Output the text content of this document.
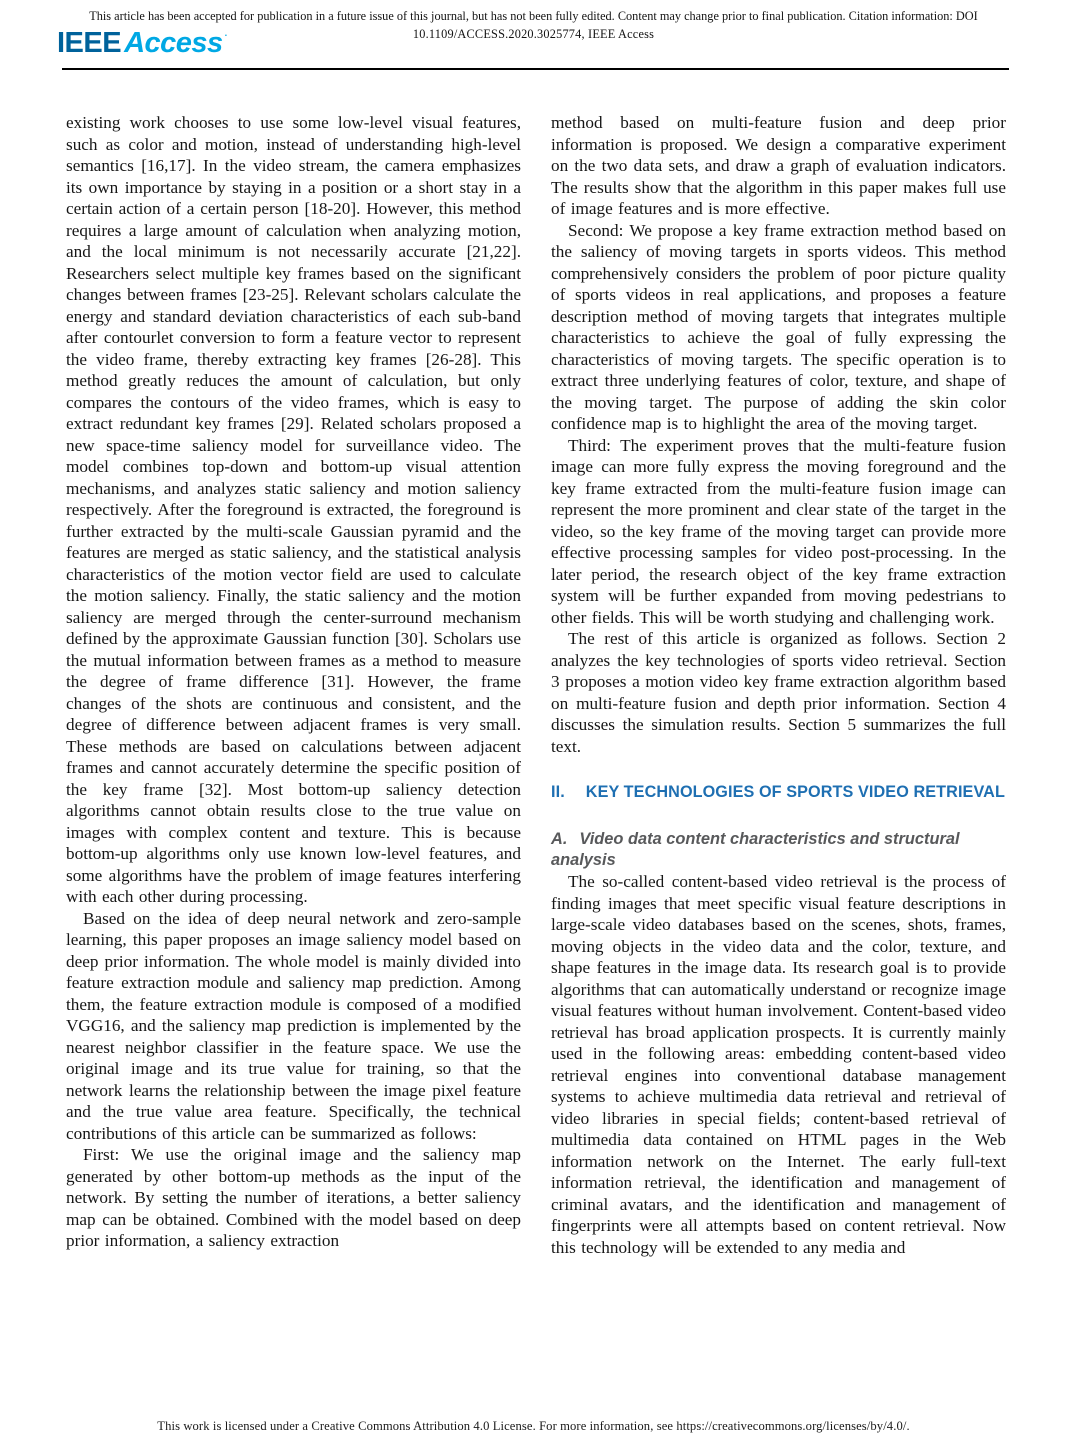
This article has been accepted for publication in a future issue of this journal, but has not been fully edited. Content may change prior to final publication. Citation information: DOI
10.1109/ACCESS.2020.3025774, IEEE Access
IEEE Access·

existing work chooses to use some low-level visual features, such as color and motion, instead of understanding high-level semantics [16,17]. In the video stream, the camera emphasizes its own importance by staying in a position or a short stay in a certain action of a certain person [18-20]. However, this method requires a large amount of calculation when analyzing motion, and the local minimum is not necessarily accurate [21,22]. Researchers select multiple key frames based on the significant changes between frames [23-25]. Relevant scholars calculate the energy and standard deviation characteristics of each sub-band after contourlet conversion to form a feature vector to represent the video frame, thereby extracting key frames [26-28]. This method greatly reduces the amount of calculation, but only compares the contours of the video frames, which is easy to extract redundant key frames [29]. Related scholars proposed a new space-time saliency model for surveillance video. The model combines top-down and bottom-up visual attention mechanisms, and analyzes static saliency and motion saliency respectively. After the foreground is extracted, the foreground is further extracted by the multi-scale Gaussian pyramid and the features are merged as static saliency, and the statistical analysis characteristics of the motion vector field are used to calculate the motion saliency. Finally, the static saliency and the motion saliency are merged through the center-surround mechanism defined by the approximate Gaussian function [30]. Scholars use the mutual information between frames as a method to measure the degree of frame difference [31]. However, the frame changes of the shots are continuous and consistent, and the degree of difference between adjacent frames is very small. These methods are based on calculations between adjacent frames and cannot accurately determine the specific position of the key frame [32]. Most bottom-up saliency detection algorithms cannot obtain results close to the true value on images with complex content and texture. This is because bottom-up algorithms only use known low-level features, and some algorithms have the problem of image features interfering with each other during processing.

Based on the idea of deep neural network and zero-sample learning, this paper proposes an image saliency model based on deep prior information. The whole model is mainly divided into feature extraction module and saliency map prediction. Among them, the feature extraction module is composed of a modified VGG16, and the saliency map prediction is implemented by the nearest neighbor classifier in the feature space. We use the original image and its true value for training, so that the network learns the relationship between the image pixel feature and the true value area feature. Specifically, the technical contributions of this article can be summarized as follows:

First: We use the original image and the saliency map generated by other bottom-up methods as the input of the network. By setting the number of iterations, a better saliency map can be obtained. Combined with the model based on deep prior information, a saliency extraction

method based on multi-feature fusion and deep prior information is proposed. We design a comparative experiment on the two data sets, and draw a graph of evaluation indicators. The results show that the algorithm in this paper makes full use of image features and is more effective.

Second: We propose a key frame extraction method based on the saliency of moving targets in sports videos. This method comprehensively considers the problem of poor picture quality of sports videos in real applications, and proposes a feature description method of moving targets that integrates multiple characteristics to achieve the goal of fully expressing the characteristics of moving targets. The specific operation is to extract three underlying features of color, texture, and shape of the moving target. The purpose of adding the skin color confidence map is to highlight the area of the moving target.

Third: The experiment proves that the multi-feature fusion image can more fully express the moving foreground and the key frame extracted from the multi-feature fusion image can represent the more prominent and clear state of the target in the video, so the key frame of the moving target can provide more effective processing samples for video post-processing. In the later period, the research object of the key frame extraction system will be further expanded from moving pedestrians to other fields. This will be worth studying and challenging work.

The rest of this article is organized as follows. Section 2 analyzes the key technologies of sports video retrieval. Section 3 proposes a motion video key frame extraction algorithm based on multi-feature fusion and depth prior information. Section 4 discusses the simulation results. Section 5 summarizes the full text.

II. KEY TECHNOLOGIES OF SPORTS VIDEO RETRIEVAL
A. Video data content characteristics and structural analysis

The so-called content-based video retrieval is the process of finding images that meet specific visual feature descriptions in large-scale video databases based on the scenes, shots, frames, moving objects in the video data and the color, texture, and shape features in the image data. Its research goal is to provide algorithms that can automatically understand or recognize image visual features without human involvement. Content-based video retrieval has broad application prospects. It is currently mainly used in the following areas: embedding content-based video retrieval engines into conventional database management systems to achieve multimedia data retrieval and retrieval of video libraries in special fields; content-based retrieval of multimedia data contained on HTML pages in the Web information network on the Internet. The early full-text information retrieval, the identification and management of criminal avatars, and the identification and management of fingerprints were all attempts based on content retrieval. Now this technology will be extended to any media and

This work is licensed under a Creative Commons Attribution 4.0 License. For more information, see https://creativecommons.org/licenses/by/4.0/.
